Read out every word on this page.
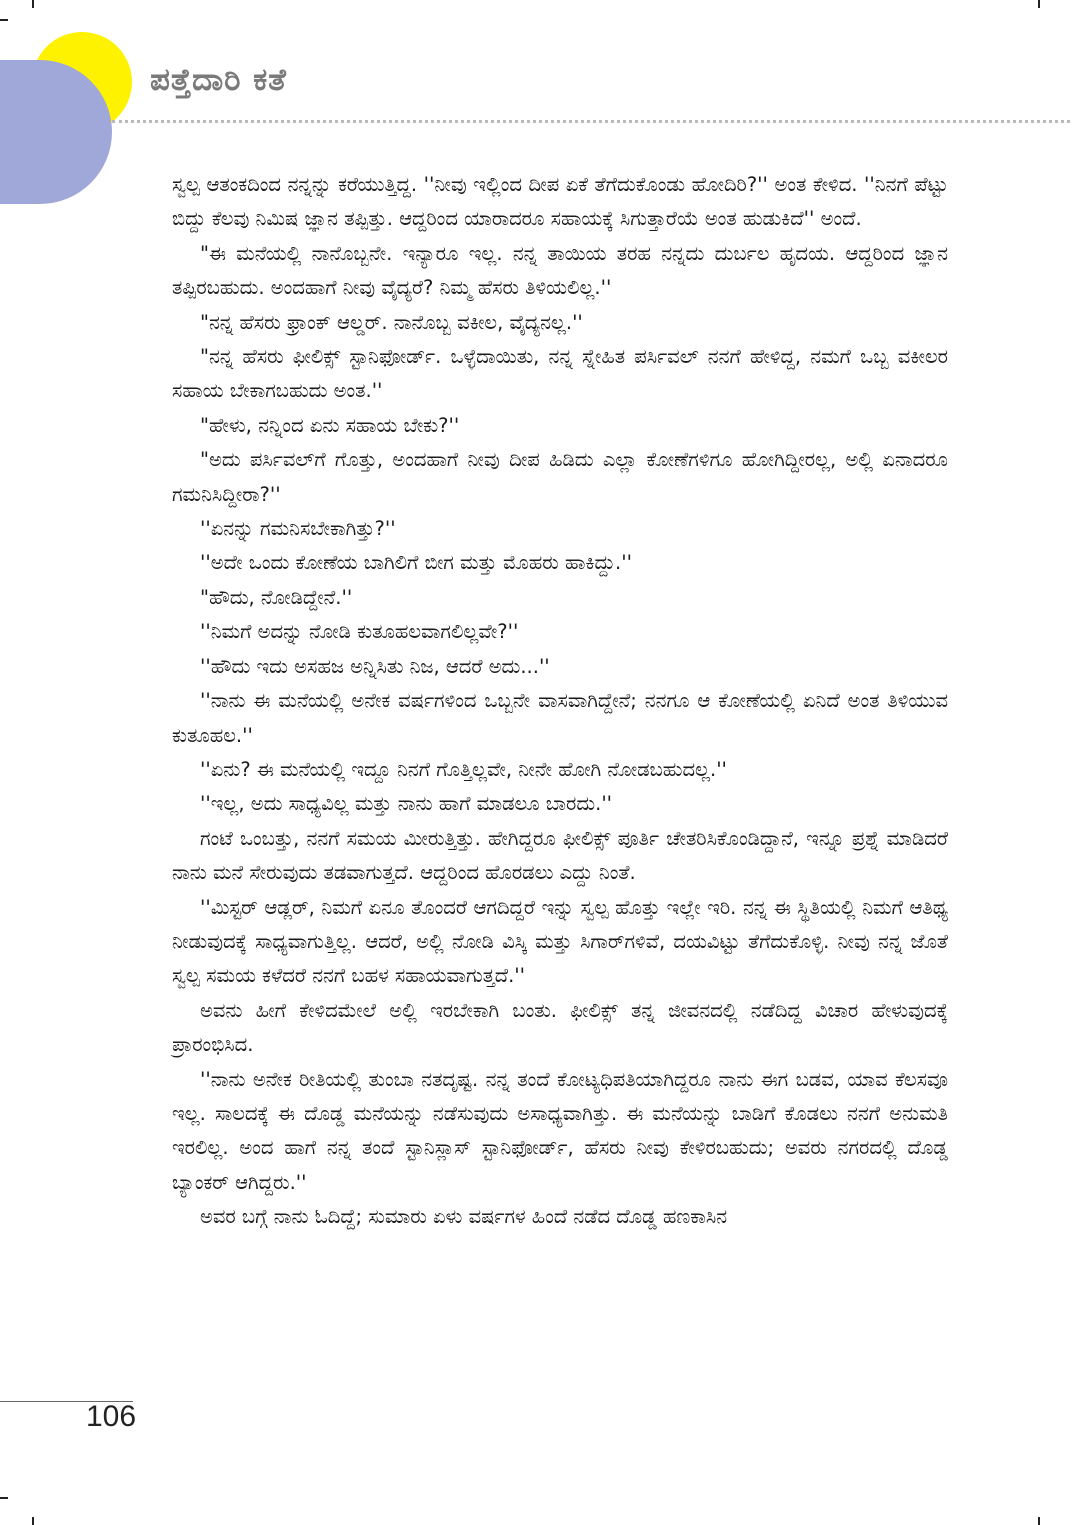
ಪತ್ತೆದಾರಿ ಕತೆ

ಸ್ವಲ್ಪ ಆತಂಕದಿಂದ ನನ್ನನ್ನು ಕರೆಯುತ್ತಿದ್ದ. ''ನೀವು ಇಲ್ಲಿಂದ ದೀಪ ಏಕೆ ತೆಗೆದುಕೊಂಡು ಹೋದಿರಿ?'' ಅಂತ ಕೇಳಿದ. ''ನಿನಗೆ ಪೆಟ್ಟು ಬಿದ್ದು ಕೆಲವು ನಿಮಿಷ ಜ್ಞಾನ ತಪ್ಪಿತ್ತು. ಆದ್ದರಿಂದ ಯಾರಾದರೂ ಸಹಾಯಕ್ಕೆ ಸಿಗುತ್ತಾರೆಯೆ ಅಂತ ಹುಡುಕಿದೆ'' ಅಂದೆ.

"ಈ ಮನೆಯಲ್ಲಿ ನಾನೊಬ್ಬನೇ. ಇನ್ಯಾರೂ ಇಲ್ಲ. ನನ್ನ ತಾಯಿಯ ತರಹ ನನ್ನದು ದುರ್ಬಲ ಹೃದಯ. ಆದ್ದರಿಂದ ಜ್ಞಾನ ತಪ್ಪಿರಬಹುದು. ಅಂದಹಾಗೆ ನೀವು ವೈದ್ಯರೆ? ನಿಮ್ಮ ಹೆಸರು ತಿಳಿಯಲಿಲ್ಲ.''

"ನನ್ನ ಹೆಸರು ಫ್ರಾಂಕ್ ಆಲ್ಡರ್. ನಾನೊಬ್ಬ ವಕೀಲ, ವೈದ್ಯನಲ್ಲ.''

"ನನ್ನ ಹೆಸರು ಫೀಲಿಕ್ಸ್ ಸ್ಟಾನಿಫೋರ್ಡ್. ಒಳ್ಳೆದಾಯಿತು, ನನ್ನ ಸ್ನೇಹಿತ ಪರ್ಸಿವಲ್ ನನಗೆ ಹೇಳಿದ್ದ, ನಮಗೆ ಒಬ್ಬ ವಕೀಲರ ಸಹಾಯ ಬೇಕಾಗಬಹುದು ಅಂತ.''

"ಹೇಳು, ನನ್ನಿಂದ ಏನು ಸಹಾಯ ಬೇಕು?''

"ಅದು ಪರ್ಸಿವಲ್‌ಗೆ ಗೊತ್ತು, ಅಂದಹಾಗೆ ನೀವು ದೀಪ ಹಿಡಿದು ಎಲ್ಲಾ ಕೋಣೆಗಳಿಗೂ ಹೋಗಿದ್ದೀರಲ್ಲ, ಅಲ್ಲಿ ಏನಾದರೂ ಗಮನಿಸಿದ್ದೀರಾ?''

''ಏನನ್ನು ಗಮನಿಸಬೇಕಾಗಿತ್ತು?''

''ಅದೇ ಒಂದು ಕೋಣೆಯ ಬಾಗಿಲಿಗೆ ಬೀಗ ಮತ್ತು ಮೊಹರು ಹಾಕಿದ್ದು.''

"ಹೌದು, ನೋಡಿದ್ದೇನೆ.''

''ನಿಮಗೆ ಅದನ್ನು ನೋಡಿ ಕುತೂಹಲವಾಗಲಿಲ್ಲವೇ?''

''ಹೌದು ಇದು ಅಸಹಜ ಅನ್ನಿಸಿತು ನಿಜ, ಆದರೆ ಅದು...''

''ನಾನು ಈ ಮನೆಯಲ್ಲಿ ಅನೇಕ ವರ್ಷಗಳಿಂದ ಒಬ್ಬನೇ ವಾಸವಾಗಿದ್ದೇನೆ; ನನಗೂ ಆ ಕೋಣೆಯಲ್ಲಿ ಏನಿದೆ ಅಂತ ತಿಳಿಯುವ ಕುತೂಹಲ.''

''ಏನು? ಈ ಮನೆಯಲ್ಲಿ ಇದ್ದೂ ನಿನಗೆ ಗೊತ್ತಿಲ್ಲವೇ, ನೀನೇ ಹೋಗಿ ನೋಡಬಹುದಲ್ಲ.''

''ಇಲ್ಲ, ಅದು ಸಾಧ್ಯವಿಲ್ಲ ಮತ್ತು ನಾನು ಹಾಗೆ ಮಾಡಲೂ ಬಾರದು.''

ಗಂಟೆ ಒಂಬತ್ತು, ನನಗೆ ಸಮಯ ಮೀರುತ್ತಿತ್ತು. ಹೇಗಿದ್ದರೂ ಫೀಲಿಕ್ಸ್ ಪೂರ್ತಿ ಚೇತರಿಸಿಕೊಂಡಿದ್ದಾನೆ, ಇನ್ನೂ ಪ್ರಶ್ನೆ ಮಾಡಿದರೆ ನಾನು ಮನೆ ಸೇರುವುದು ತಡವಾಗುತ್ತದೆ. ಆದ್ದರಿಂದ ಹೊರಡಲು ಎದ್ದು ನಿಂತೆ.

''ಮಿಸ್ಟರ್ ಆಡ್ಲರ್, ನಿಮಗೆ ಏನೂ ತೊಂದರೆ ಆಗದಿದ್ದರೆ ಇನ್ನು ಸ್ವಲ್ಪ ಹೊತ್ತು ಇಲ್ಲೇ ಇರಿ. ನನ್ನ ಈ ಸ್ಥಿತಿಯಲ್ಲಿ ನಿಮಗೆ ಆತಿಥ್ಯ ನೀಡುವುದಕ್ಕೆ ಸಾಧ್ಯವಾಗುತ್ತಿಲ್ಲ. ಆದರೆ, ಅಲ್ಲಿ ನೋಡಿ ವಿಸ್ಕಿ ಮತ್ತು ಸಿಗಾರ್‌ಗಳಿವೆ, ದಯವಿಟ್ಟು ತೆಗೆದುಕೊಳ್ಳಿ. ನೀವು ನನ್ನ ಜೊತೆ ಸ್ವಲ್ಪ ಸಮಯ ಕಳೆದರೆ ನನಗೆ ಬಹಳ ಸಹಾಯವಾಗುತ್ತದೆ.''

ಅವನು ಹೀಗೆ ಕೇಳಿದಮೇಲೆ ಅಲ್ಲಿ ಇರಬೇಕಾಗಿ ಬಂತು. ಫೀಲಿಕ್ಸ್ ತನ್ನ ಜೀವನದಲ್ಲಿ ನಡೆದಿದ್ದ ವಿಚಾರ ಹೇಳುವುದಕ್ಕೆ ಪ್ರಾರಂಭಿಸಿದ.

''ನಾನು ಅನೇಕ ರೀತಿಯಲ್ಲಿ ತುಂಬಾ ನತದೃಷ್ಟ. ನನ್ನ ತಂದೆ ಕೋಟ್ಯಧಿಪತಿಯಾಗಿದ್ದರೂ ನಾನು ಈಗ ಬಡವ, ಯಾವ ಕೆಲಸವೂ ಇಲ್ಲ. ಸಾಲದಕ್ಕೆ ಈ ದೊಡ್ಡ ಮನೆಯನ್ನು ನಡೆಸುವುದು ಅಸಾಧ್ಯವಾಗಿತ್ತು. ಈ ಮನೆಯನ್ನು ಬಾಡಿಗೆ ಕೊಡಲು ನನಗೆ ಅನುಮತಿ ಇರಲಿಲ್ಲ. ಅಂದ ಹಾಗೆ ನನ್ನ ತಂದೆ ಸ್ಟಾನಿಸ್ಲಾಸ್ ಸ್ಟಾನಿಫೋರ್ಡ್, ಹೆಸರು ನೀವು ಕೇಳಿರಬಹುದು; ಅವರು ನಗರದಲ್ಲಿ ದೊಡ್ಡ ಬ್ಯಾಂಕರ್ ಆಗಿದ್ದರು.''

ಅವರ ಬಗ್ಗೆ ನಾನು ಓದಿದ್ದೆ; ಸುಮಾರು ಏಳು ವರ್ಷಗಳ ಹಿಂದೆ ನಡೆದ ದೊಡ್ಡ ಹಣಕಾಸಿನ

106
